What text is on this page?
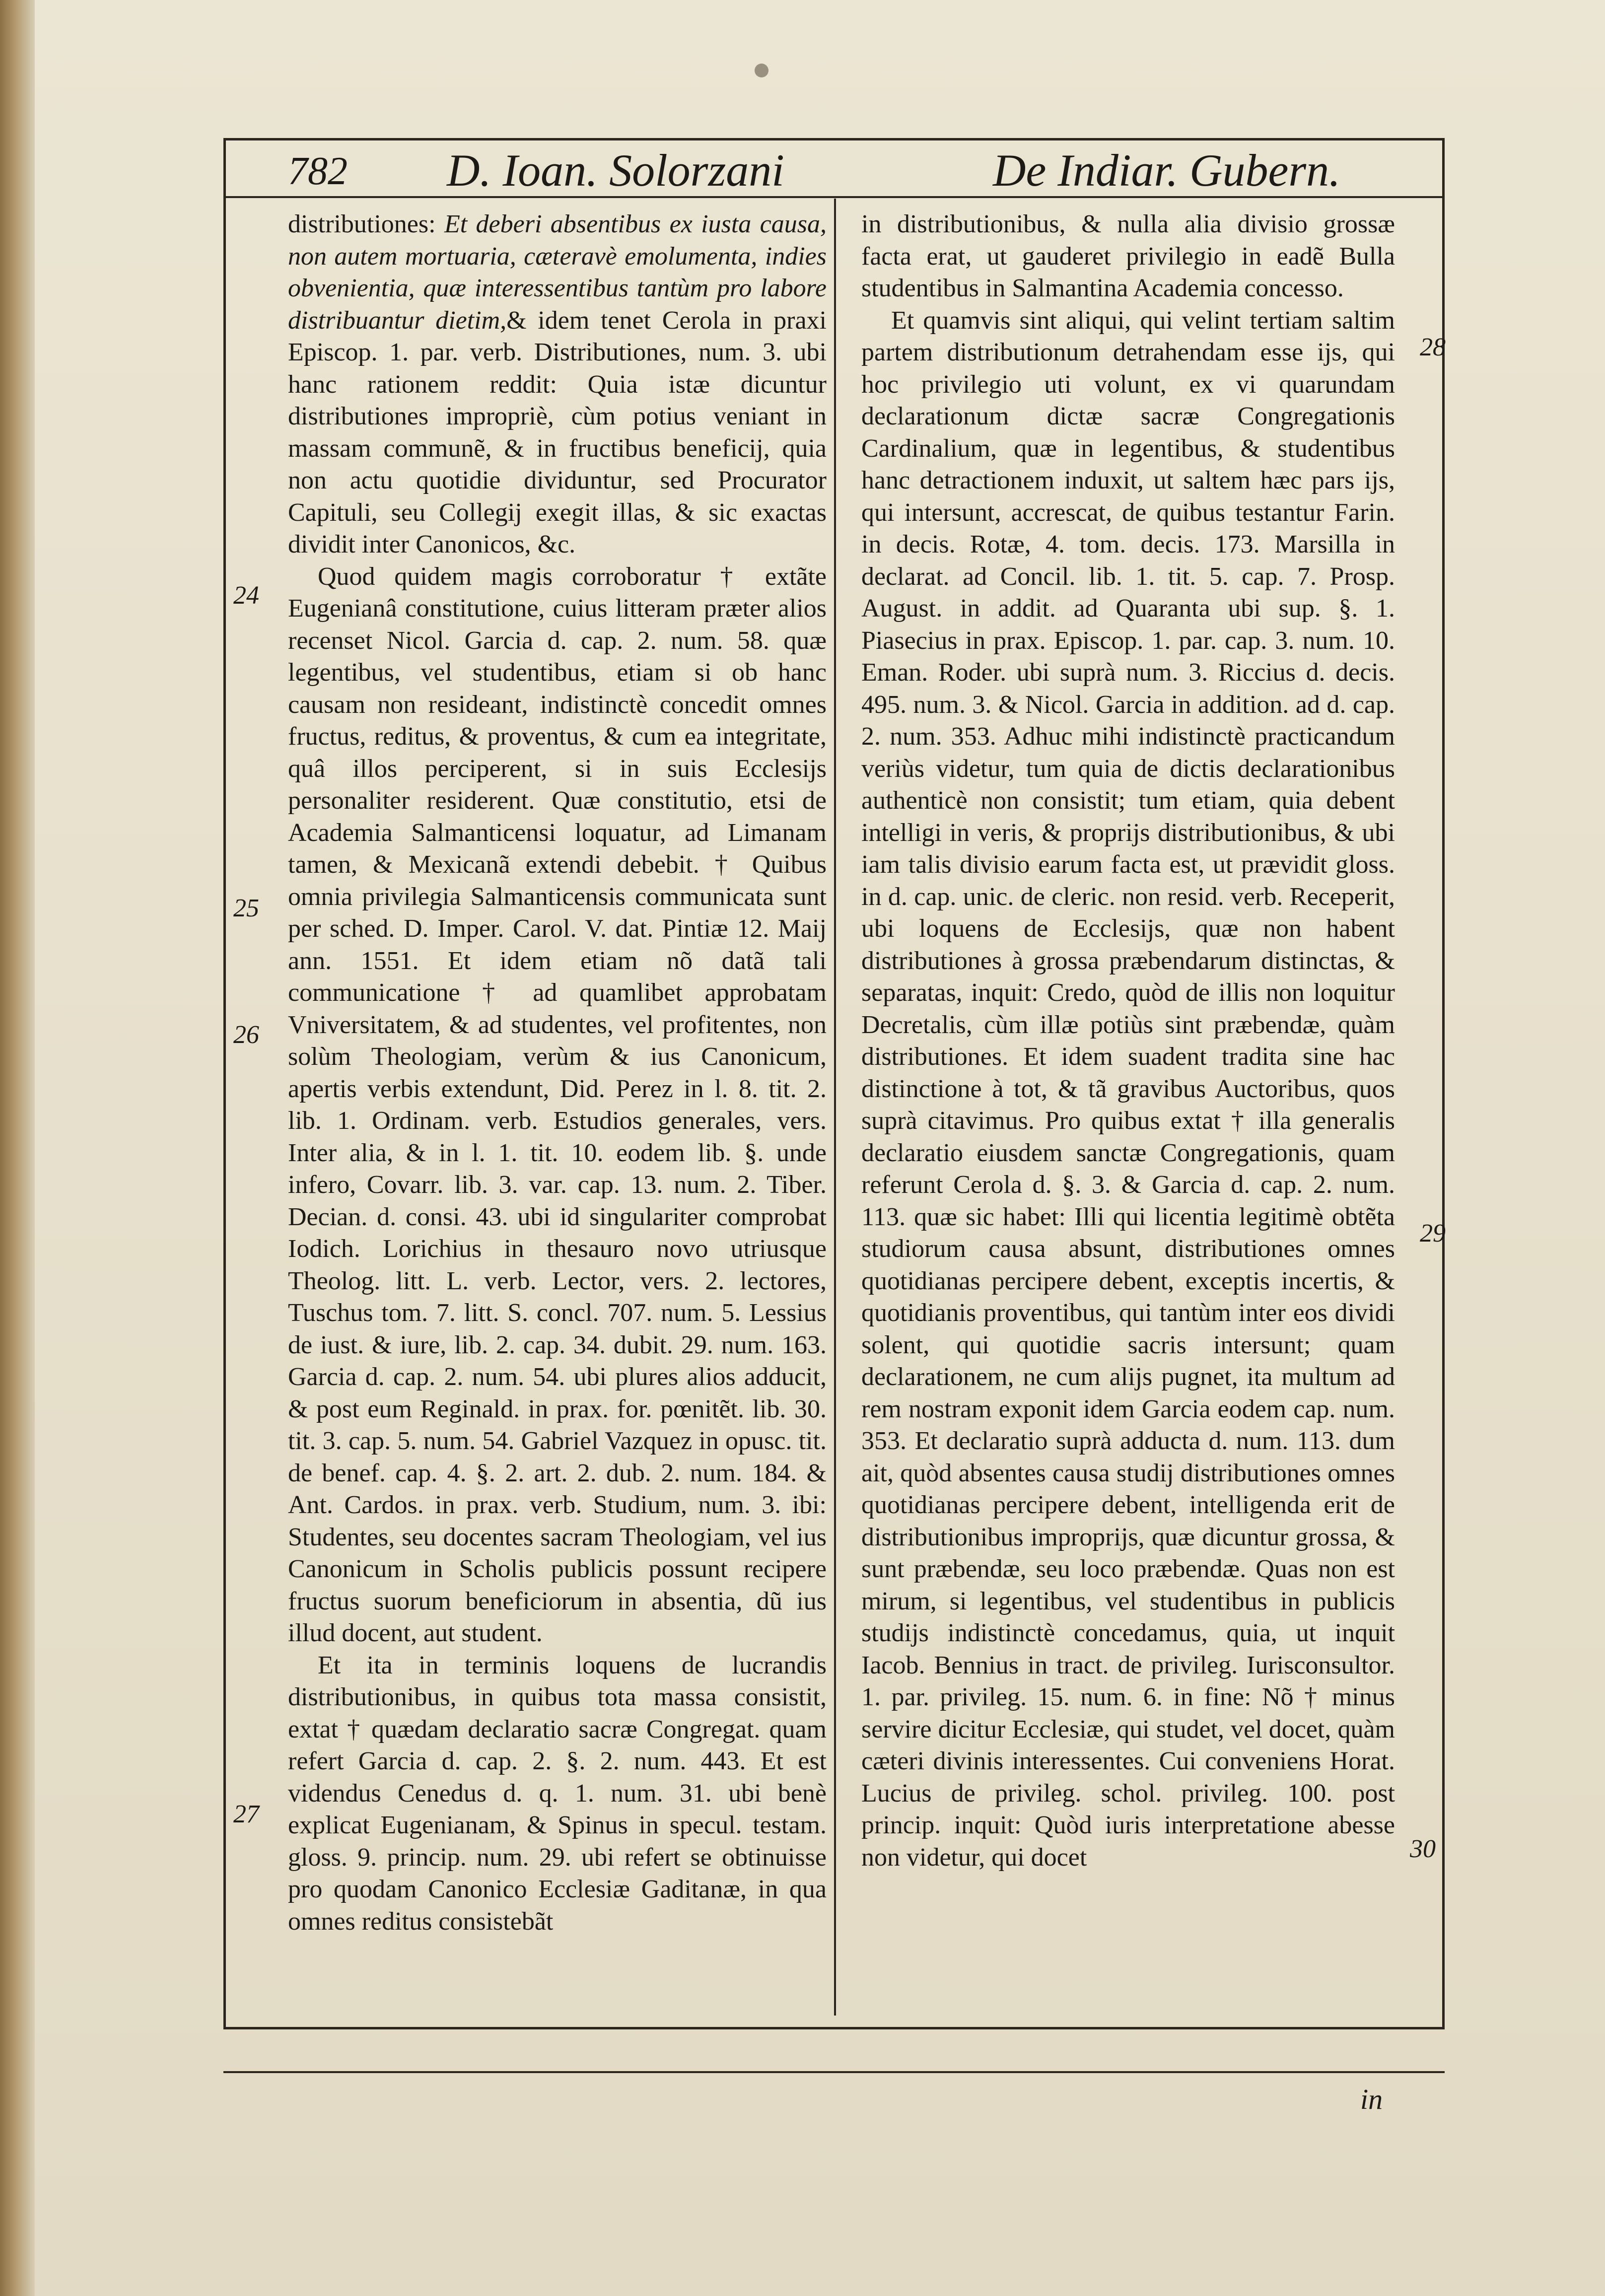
782 D. Ioan. Solorzani	De Indiar. Gubern.

distributiones: Et deberi absentibus ex iusta causa, non autem mortuaria, cæteravè emolumenta, indies obvenientia, quæ interessentibus tantùm pro labore distribuantur dietim,& idem tenet Cerola in praxi Episcop. 1. par. verb. Distributiones, num. 3. ubi hanc rationem reddit: Quia istæ dicuntur distributiones impropriè, cùm potius veniant in massam communẽ, & in fructibus beneficij, quia non actu quotidie dividuntur, sed Procurator Capituli, seu Collegij exegit illas, & sic exactas dividit inter Canonicos, &c.

Quod quidem magis corroboratur † extãte Eugenianâ constitutione, cuius litteram præter alios recenset Nicol. Garcia d. cap. 2. num. 58. quæ legentibus, vel studentibus, etiam si ob hanc causam non resideant, indistinctè concedit omnes fructus, reditus, & proventus, & cum ea integritate, quâ illos perciperent, si in suis Ecclesijs personaliter residerent. Quæ constitutio, etsi de Academia Salmanticensi loquatur, ad Limanam tamen, & Mexicanã extendi debebit. † Quibus omnia privilegia Salmanticensis communicata sunt per sched. D. Imper. Carol. V. dat. Pintiæ 12. Maij ann. 1551. Et idem etiam nõ datã tali communicatione † ad quamlibet approbatam Vniversitatem, & ad studentes, vel profitentes, non solùm Theologiam, verùm & ius Canonicum, apertis verbis extendunt, Did. Perez in l. 8. tit. 2. lib. 1. Ordinam. verb. Estudios generales, vers. Inter alia, & in l. 1. tit. 10. eodem lib. §. unde infero, Covarr. lib. 3. var. cap. 13. num. 2. Tiber. Decian. d. consi. 43. ubi id singulariter comprobat Iodich. Lorichius in thesauro novo utriusque Theolog. litt. L. verb. Lector, vers. 2. lectores, Tuschus tom. 7. litt. S. concl. 707. num. 5. Lessius de iust. & iure, lib. 2. cap. 34. dubit. 29. num. 163. Garcia d. cap. 2. num. 54. ubi plures alios adducit, & post eum Reginald. in prax. for. pœnitẽt. lib. 30. tit. 3. cap. 5. num. 54. Gabriel Vazquez in opusc. tit. de benef. cap. 4. §. 2. art. 2. dub. 2. num. 184. & Ant. Cardos. in prax. verb. Studium, num. 3. ibi: Studentes, seu docentes sacram Theologiam, vel ius Canonicum in Scholis publicis possunt recipere fructus suorum beneficiorum in absentia, dũ ius illud docent, aut student.

Et ita in terminis loquens de lucrandis distributionibus, in quibus tota massa consistit, extat † quædam declaratio sacræ Congregat. quam refert Garcia d. cap. 2. §. 2. num. 443. Et est videndus Cenedus d. q. 1. num. 31. ubi benè explicat Eugenianam, & Spinus in specul. testam. gloss. 9. princip. num. 29. ubi refert se obtinuisse pro quodam Canonico Ecclesiæ Gaditanæ, in qua omnes reditus consistebãt

in distributionibus, & nulla alia divisio grossæ facta erat, ut gauderet privilegio in eadẽ Bulla studentibus in Salmantina Academia concesso.

Et quamvis sint aliqui, qui velint tertiam saltim partem distributionum detrahendam esse ijs, qui hoc privilegio uti volunt, ex vi quarundam declarationum dictæ sacræ Congregationis Cardinalium, quæ in legentibus, & studentibus hanc detractionem induxit, ut saltem hæc pars ijs, qui intersunt, accrescat, de quibus testantur Farin. in decis. Rotæ, 4. tom. decis. 173. Marsilla in declarat. ad Concil. lib. 1. tit. 5. cap. 7. Prosp. August. in addit. ad Quaranta ubi sup. §. 1. Piasecius in prax. Episcop. 1. par. cap. 3. num. 10. Eman. Roder. ubi suprà num. 3. Riccius d. decis. 495. num. 3. & Nicol. Garcia in addition. ad d. cap. 2. num. 353. Adhuc mihi indistinctè practicandum veriùs videtur, tum quia de dictis declarationibus authenticè non consistit; tum etiam, quia debent intelligi in veris, & proprijs distributionibus, & ubi iam talis divisio earum facta est, ut prævidit gloss. in d. cap. unic. de cleric. non resid. verb. Receperit, ubi loquens de Ecclesijs, quæ non habent distributiones à grossa præbendarum distinctas, & separatas, inquit: Credo, quòd de illis non loquitur Decretalis, cùm illæ potiùs sint præbendæ, quàm distributiones. Et idem suadent tradita sine hac distinctione à tot, & tã gravibus Auctoribus, quos suprà citavimus. Pro quibus extat † illa generalis declaratio eiusdem sanctæ Congregationis, quam referunt Cerola d. §. 3. & Garcia d. cap. 2. num. 113. quæ sic habet: Illi qui licentia legitimè obtẽta studiorum causa absunt, distributiones omnes quotidianas percipere debent, exceptis incertis, & quotidianis proventibus, qui tantùm inter eos dividi solent, qui quotidie sacris intersunt; quam declarationem, ne cum alijs pugnet, ita multum ad rem nostram exponit idem Garcia eodem cap. num. 353. Et declaratio suprà adducta d. num. 113. dum ait, quòd absentes causa studij distributiones omnes quotidianas percipere debent, intelligenda erit de distributionibus improprijs, quæ dicuntur grossa, & sunt præbendæ, seu loco præbendæ. Quas non est mirum, si legentibus, vel studentibus in publicis studijs indistinctè concedamus, quia, ut inquit Iacob. Bennius in tract. de privileg. Iurisconsultor. 1. par. privileg. 15. num. 6. in fine: Nõ † minus servire dicitur Ecclesiæ, qui studet, vel docet, quàm cæteri divinis interessentes. Cui conveniens Horat. Lucius de privileg. schol. privileg. 100. post princip. inquit: Quòd iuris interpretatione abesse non videtur, qui docet

24
25
26
27
28
29
30
in
